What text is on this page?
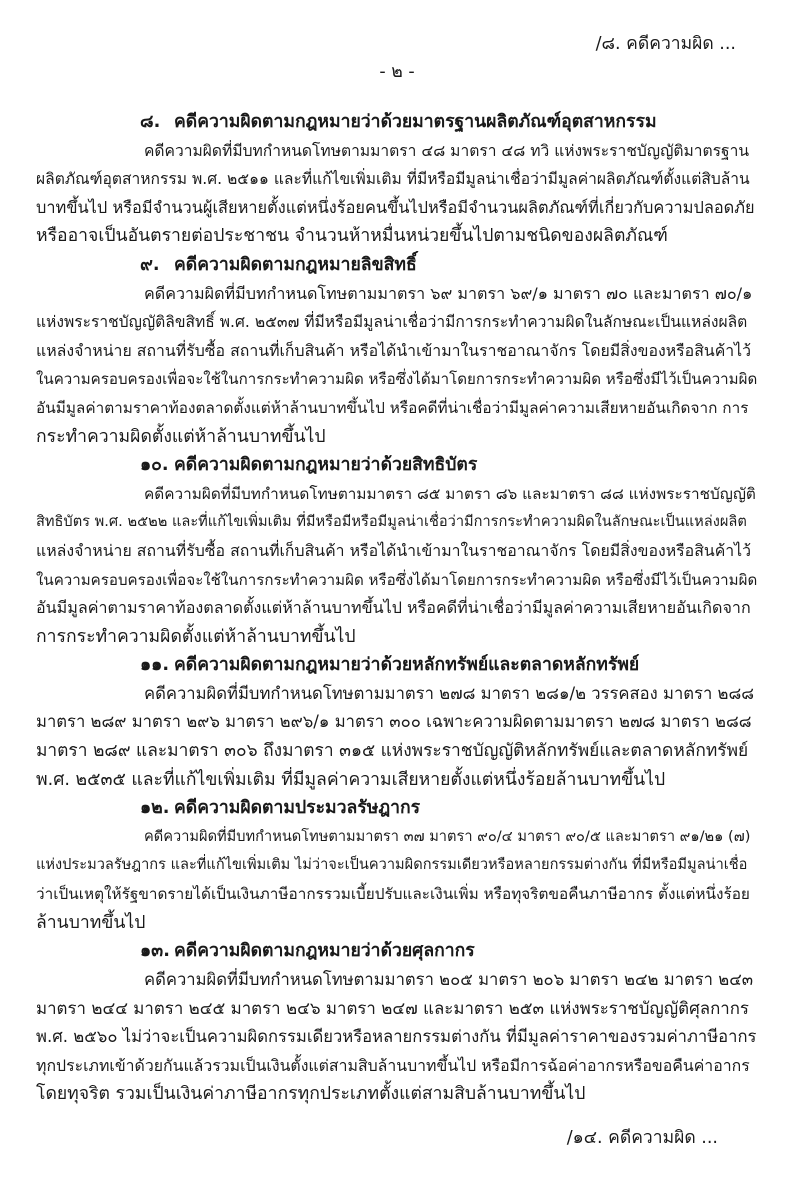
/๘. คดีความผิด ...
- ๒ -
๘. คดีความผิดตามกฎหมายว่าด้วยมาตรฐานผลิตภัณฑ์อุตสาหกรรม
คดีความผิดที่มีบทกำหนดโทษตามมาตรา ๔๘ มาตรา ๔๘ ทวิ แห่งพระราชบัญญัติมาตรฐาน
ผลิตภัณฑ์อุตสาหกรรม พ.ศ. ๒๕๑๑ และที่แก้ไขเพิ่มเติม ที่มีหรือมีมูลน่าเชื่อว่ามีมูลค่าผลิตภัณฑ์ตั้งแต่สิบล้าน
บาทขึ้นไป หรือมีจำนวนผู้เสียหายตั้งแต่หนึ่งร้อยคนขึ้นไปหรือมีจำนวนผลิตภัณฑ์ที่เกี่ยวกับความปลอดภัย
หรืออาจเป็นอันตรายต่อประชาชน จำนวนห้าหมื่นหน่วยขึ้นไปตามชนิดของผลิตภัณฑ์
๙. คดีความผิดตามกฎหมายลิขสิทธิ์
คดีความผิดที่มีบทกำหนดโทษตามมาตรา ๖๙ มาตรา ๖๙/๑ มาตรา ๗๐ และมาตรา ๗๐/๑
แห่งพระราชบัญญัติลิขสิทธิ์ พ.ศ. ๒๕๓๗ ที่มีหรือมีมูลน่าเชื่อว่ามีการกระทำความผิดในลักษณะเป็นแหล่งผลิต
แหล่งจำหน่าย สถานที่รับซื้อ สถานที่เก็บสินค้า หรือได้นำเข้ามาในราชอาณาจักร โดยมีสิ่งของหรือสินค้าไว้
ในความครอบครองเพื่อจะใช้ในการกระทำความผิด หรือซึ่งได้มาโดยการกระทำความผิด หรือซึ่งมีไว้เป็นความผิด
อันมีมูลค่าตามราคาท้องตลาดตั้งแต่ห้าล้านบาทขึ้นไป หรือคดีที่น่าเชื่อว่ามีมูลค่าความเสียหายอันเกิดจาก การ
กระทำความผิดตั้งแต่ห้าล้านบาทขึ้นไป
๑๐. คดีความผิดตามกฎหมายว่าด้วยสิทธิบัตร
คดีความผิดที่มีบทกำหนดโทษตามมาตรา ๘๕ มาตรา ๘๖ และมาตรา ๘๘ แห่งพระราชบัญญัติ
สิทธิบัตร พ.ศ. ๒๕๒๒ และที่แก้ไขเพิ่มเติม ที่มีหรือมีหรือมีมูลน่าเชื่อว่ามีการกระทำความผิดในลักษณะเป็นแหล่งผลิต
แหล่งจำหน่าย สถานที่รับซื้อ สถานที่เก็บสินค้า หรือได้นำเข้ามาในราชอาณาจักร โดยมีสิ่งของหรือสินค้าไว้
ในความครอบครองเพื่อจะใช้ในการกระทำความผิด หรือซึ่งได้มาโดยการกระทำความผิด หรือซึ่งมีไว้เป็นความผิด
อันมีมูลค่าตามราคาท้องตลาดตั้งแต่ห้าล้านบาทขึ้นไป หรือคดีที่น่าเชื่อว่ามีมูลค่าความเสียหายอันเกิดจาก
การกระทำความผิดตั้งแต่ห้าล้านบาทขึ้นไป
๑๑. คดีความผิดตามกฎหมายว่าด้วยหลักทรัพย์และตลาดหลักทรัพย์
คดีความผิดที่มีบทกำหนดโทษตามมาตรา ๒๗๘ มาตรา ๒๘๑/๒ วรรคสอง มาตรา ๒๘๘
มาตรา ๒๘๙ มาตรา ๒๙๖ มาตรา ๒๙๖/๑ มาตรา ๓๐๐ เฉพาะความผิดตามมาตรา ๒๗๘ มาตรา ๒๘๘
มาตรา ๒๘๙ และมาตรา ๓๐๖ ถึงมาตรา ๓๑๕ แห่งพระราชบัญญัติหลักทรัพย์และตลาดหลักทรัพย์
พ.ศ. ๒๕๓๕ และที่แก้ไขเพิ่มเติม ที่มีมูลค่าความเสียหายตั้งแต่หนึ่งร้อยล้านบาทขึ้นไป
๑๒. คดีความผิดตามประมวลรัษฎากร
คดีความผิดที่มีบทกำหนดโทษตามมาตรา ๓๗ มาตรา ๙๐/๔ มาตรา ๙๐/๕ และมาตรา ๙๑/๒๑ (๗)
แห่งประมวลรัษฎากร และที่แก้ไขเพิ่มเติม ไม่ว่าจะเป็นความผิดกรรมเดียวหรือหลายกรรมต่างกัน ที่มีหรือมีมูลน่าเชื่อ
ว่าเป็นเหตุให้รัฐขาดรายได้เป็นเงินภาษีอากรรวมเบี้ยปรับและเงินเพิ่ม หรือทุจริตขอคืนภาษีอากร ตั้งแต่หนึ่งร้อย
ล้านบาทขึ้นไป
๑๓. คดีความผิดตามกฎหมายว่าด้วยศุลกากร
คดีความผิดที่มีบทกำหนดโทษตามมาตรา ๒๐๕ มาตรา ๒๐๖ มาตรา ๒๔๒ มาตรา ๒๔๓
มาตรา ๒๔๔ มาตรา ๒๔๕ มาตรา ๒๔๖ มาตรา ๒๔๗ และมาตรา ๒๕๓ แห่งพระราชบัญญัติศุลกากร
พ.ศ. ๒๕๖๐ ไม่ว่าจะเป็นความผิดกรรมเดียวหรือหลายกรรมต่างกัน ที่มีมูลค่าราคาของรวมค่าภาษีอากร
ทุกประเภทเข้าด้วยกันแล้วรวมเป็นเงินตั้งแต่สามสิบล้านบาทขึ้นไป หรือมีการฉ้อค่าอากรหรือขอคืนค่าอากร
โดยทุจริต รวมเป็นเงินค่าภาษีอากรทุกประเภทตั้งแต่สามสิบล้านบาทขึ้นไป
/๑๔. คดีความผิด ...
